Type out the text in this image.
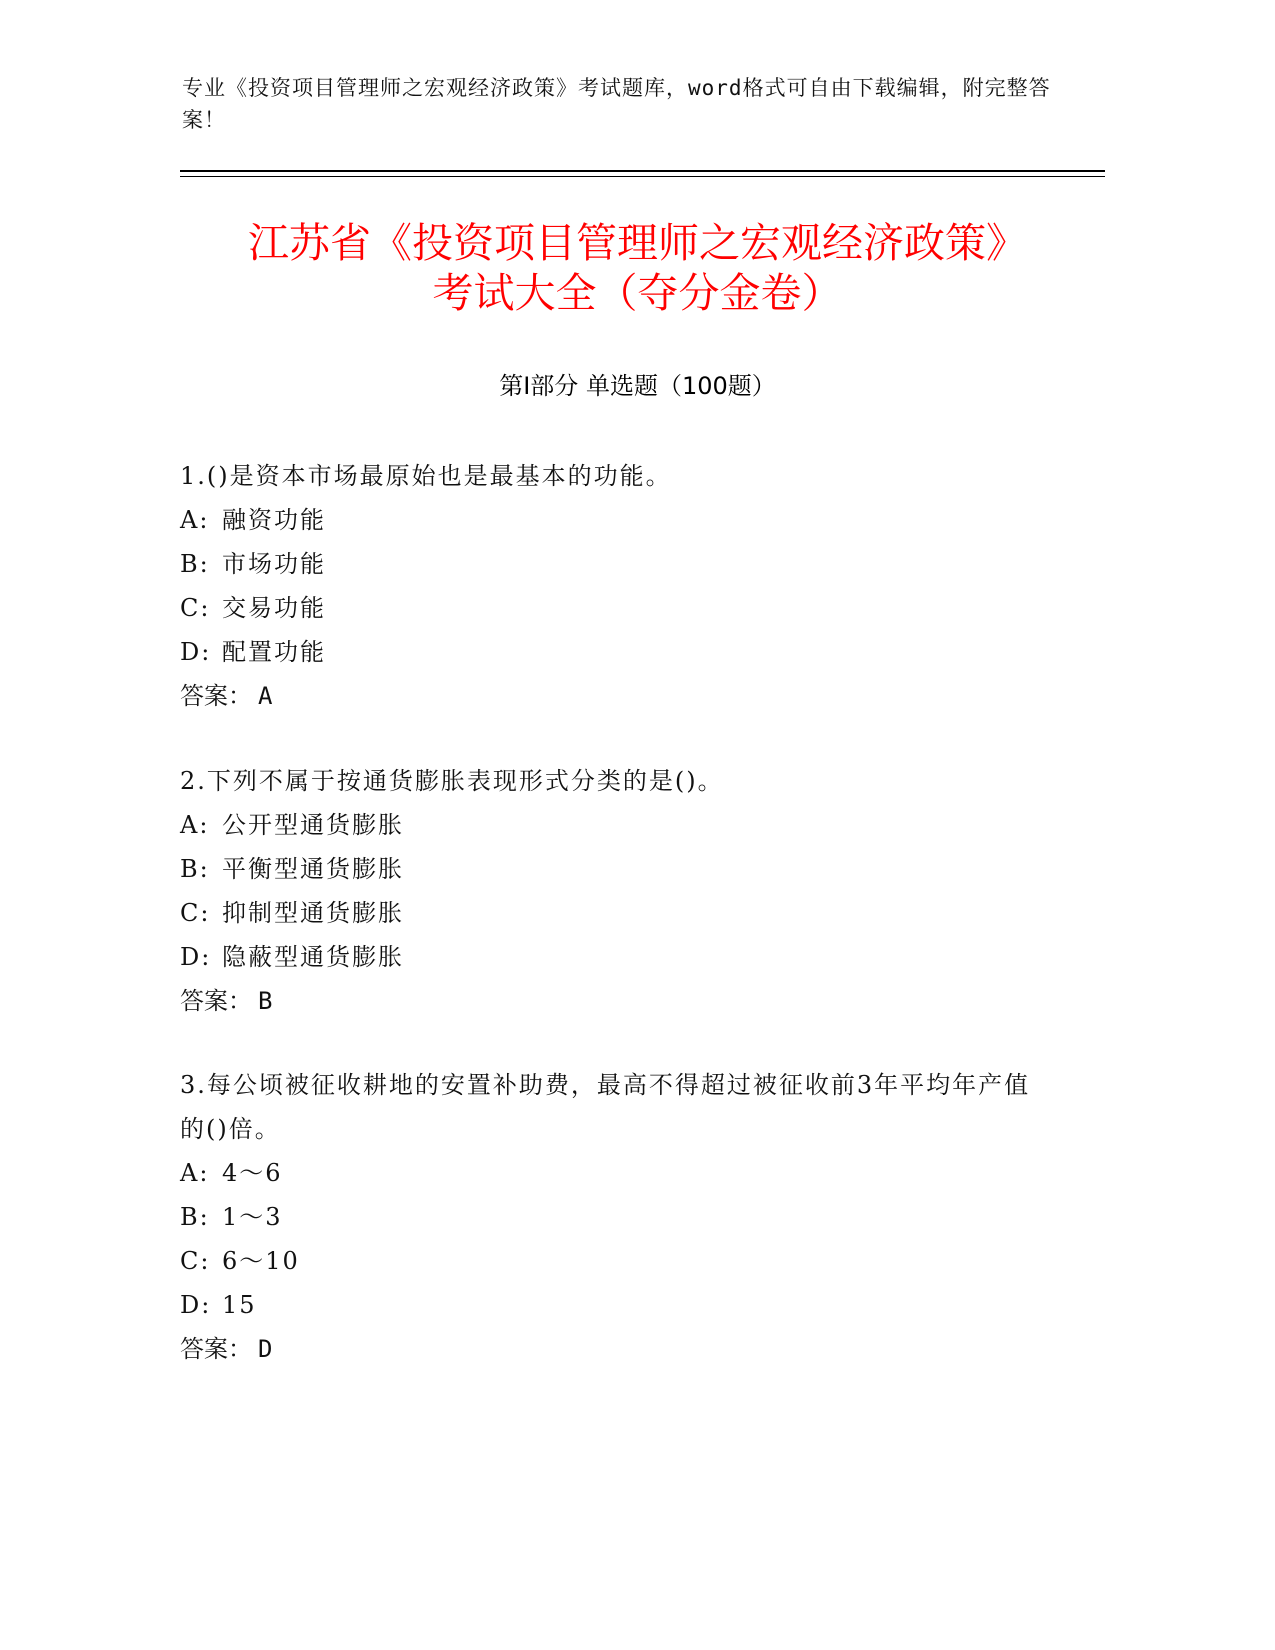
专业《投资项目管理师之宏观经济政策》考试题库，word格式可自由下载编辑，附完整答案！
江苏省《投资项目管理师之宏观经济政策》
考试大全（夺分金卷）
第Ⅰ部分 单选题（100题）
1.()是资本市场最原始也是最基本的功能。
A: 融资功能
B: 市场功能
C: 交易功能
D: 配置功能
答案： A
2.下列不属于按通货膨胀表现形式分类的是()。
A: 公开型通货膨胀
B: 平衡型通货膨胀
C: 抑制型通货膨胀
D: 隐蔽型通货膨胀
答案： B
3.每公顷被征收耕地的安置补助费，最高不得超过被征收前3年平均年产值的()倍。
A: 4～6
B: 1～3
C: 6～10
D: 15
答案： D
